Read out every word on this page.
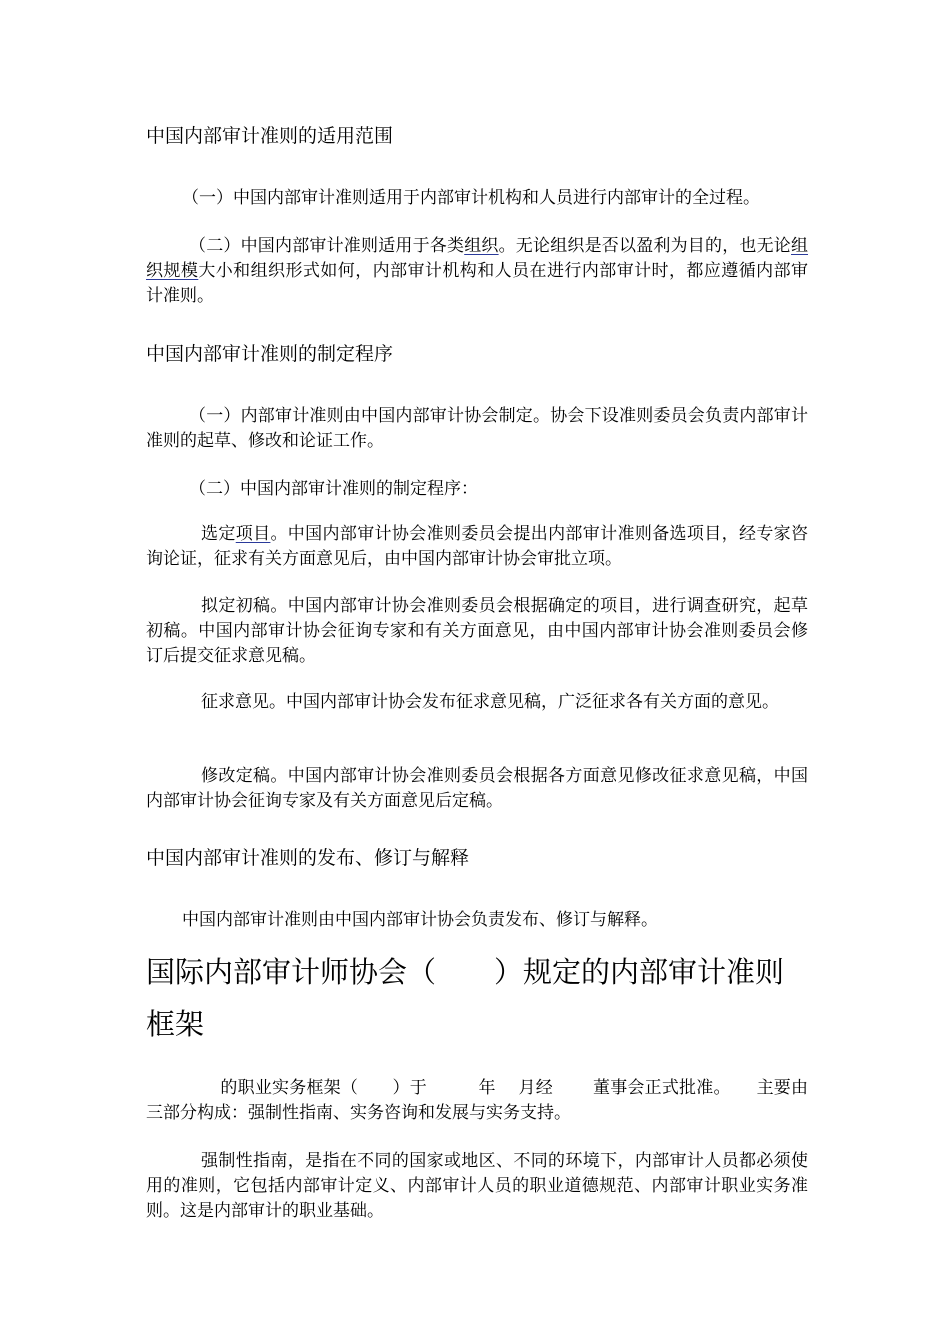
中国内部审计准则的适用范围

（一）中国内部审计准则适用于内部审计机构和人员进行内部审计的全过程。

（二）中国内部审计准则适用于各类组织。无论组织是否以盈利为目的，也无论组织规模大小和组织形式如何，内部审计机构和人员在进行内部审计时，都应遵循内部审计准则。

中国内部审计准则的制定程序

（一）内部审计准则由中国内部审计协会制定。协会下设准则委员会负责内部审计准则的起草、修改和论证工作。

（二）中国内部审计准则的制定程序：

选定项目。中国内部审计协会准则委员会提出内部审计准则备选项目，经专家咨询论证，征求有关方面意见后，由中国内部审计协会审批立项。

拟定初稿。中国内部审计协会准则委员会根据确定的项目，进行调查研究，起草初稿。中国内部审计协会征询专家和有关方面意见，由中国内部审计协会准则委员会修订后提交征求意见稿。

征求意见。中国内部审计协会发布征求意见稿，广泛征求各有关方面的意见。

修改定稿。中国内部审计协会准则委员会根据各方面意见修改征求意见稿，中国内部审计协会征询专家及有关方面意见后定稿。

中国内部审计准则的发布、修订与解释

中国内部审计准则由中国内部审计协会负责发布、修订与解释。

国际内部审计师协会（　　）规定的内部审计准则框架

　　的职业实务框架（　　）于　　　年　 月经　　 董事会正式批准。　　主要由三部分构成：强制性指南、实务咨询和发展与实务支持。

强制性指南，是指在不同的国家或地区、不同的环境下，内部审计人员都必须使用的准则，它包括内部审计定义、内部审计人员的职业道德规范、内部审计职业实务准则。这是内部审计的职业基础。
